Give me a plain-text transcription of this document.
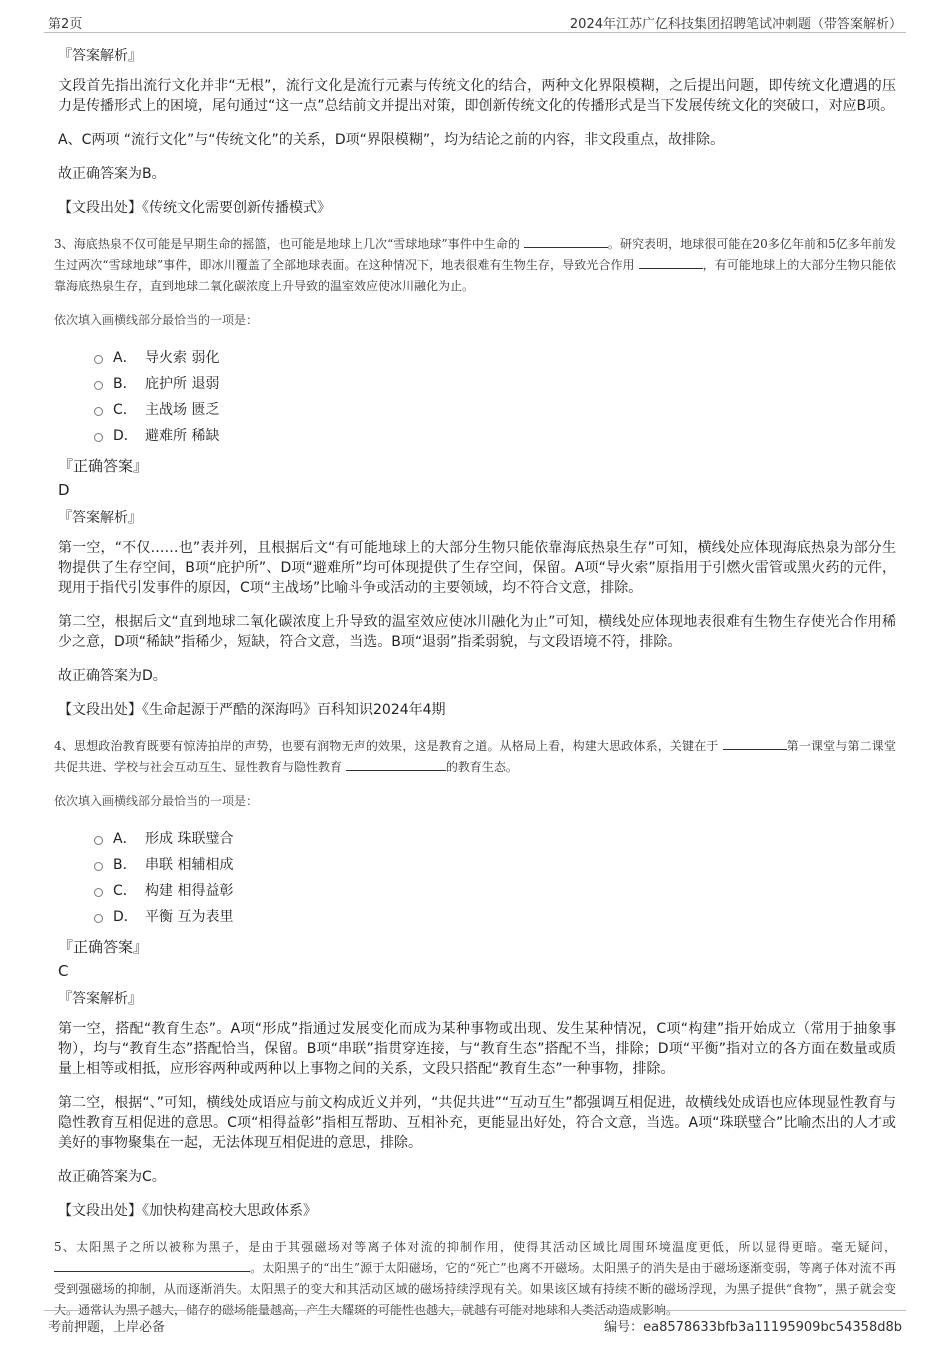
第2页	2024年江苏广亿科技集团招聘笔试冲刺题（带答案解析）
『答案解析』

文段首先指出流行文化并非“无根”，流行文化是流行元素与传统文化的结合，两种文化界限模糊，之后提出问题，即传统文化遭遇的压力是传播形式上的困境，尾句通过“这一点”总结前文并提出对策，即创新传统文化的传播形式是当下发展传统文化的突破口，对应B项。

A、C两项 “流行文化”与“传统文化”的关系，D项“界限模糊”，均为结论之前的内容，非文段重点，故排除。

故正确答案为B。

【文段出处】《传统文化需要创新传播模式》

3、海底热泉不仅可能是早期生命的摇篮，也可能是地球上几次“雪球地球”事件中生命的	。研究表明，地球很可能在20多亿年前和5亿多年前发生过两次“雪球地球”事件，即冰川覆盖了全部地球表面。在这种情况下，地表很难有生物生存，导致光合作用	，有可能地球上的大部分生物只能依靠海底热泉生存，直到地球二氧化碳浓度上升导致的温室效应使冰川融化为止。

依次填入画横线部分最恰当的一项是：
A． 导火索 弱化
B． 庇护所 退弱
C． 主战场 匮乏
D． 避难所 稀缺
『正确答案』
D
『答案解析』

第一空，“不仅……也”表并列，且根据后文“有可能地球上的大部分生物只能依靠海底热泉生存”可知，横线处应体现海底热泉为部分生物提供了生存空间，B项“庇护所”、D项“避难所”均可体现提供了生存空间，保留。A项“导火索”原指用于引燃火雷管或黑火药的元件，现用于指代引发事件的原因，C项“主战场”比喻斗争或活动的主要领域，均不符合文意，排除。

第二空，根据后文“直到地球二氧化碳浓度上升导致的温室效应使冰川融化为止”可知，横线处应体现地表很难有生物生存使光合作用稀少之意，D项“稀缺”指稀少，短缺，符合文意，当选。B项“退弱”指柔弱貌，与文段语境不符，排除。

故正确答案为D。

【文段出处】《生命起源于严酷的深海吗》百科知识2024年4期

4、思想政治教育既要有惊涛拍岸的声势，也要有润物无声的效果，这是教育之道。从格局上看，构建大思政体系，关键在于	第一课堂与第二课堂共促共进、学校与社会互动互生、显性教育与隐性教育	的教育生态。

依次填入画横线部分最恰当的一项是：
A． 形成 珠联璧合
B． 串联 相辅相成
C． 构建 相得益彰
D． 平衡 互为表里
『正确答案』
C
『答案解析』

第一空，搭配“教育生态”。A项“形成”指通过发展变化而成为某种事物或出现、发生某种情况，C项“构建”指开始成立（常用于抽象事物），均与“教育生态”搭配恰当，保留。B项“串联”指贯穿连接，与“教育生态”搭配不当，排除；D项“平衡”指对立的各方面在数量或质量上相等或相抵，应形容两种或两种以上事物之间的关系，文段只搭配“教育生态”一种事物，排除。

第二空，根据“、”可知，横线处成语应与前文构成近义并列，“共促共进”“互动互生”都强调互相促进，故横线处成语也应体现显性教育与隐性教育互相促进的意思。C项“相得益彰”指相互帮助、互相补充，更能显出好处，符合文意，当选。A项“珠联璧合”比喻杰出的人才或美好的事物聚集在一起，无法体现互相促进的意思，排除。

故正确答案为C。

【文段出处】《加快构建高校大思政体系》

5、太阳黑子之所以被称为黑子，是由于其强磁场对等离子体对流的抑制作用，使得其活动区域比周围环境温度更低，所以显得更暗。毫无疑问，。太阳黑子的“出生”源于太阳磁场，它的“死亡”也离不开磁场。太阳黑子的消失是由于磁场逐渐变弱，等离子体对流不再受到强磁场的抑制，从而逐渐消失。太阳黑子的变大和其活动区域的磁场持续浮现有关。如果该区域有持续不断的磁场浮现，为黑子提供“食物”，黑子就会变大。通常认为黑子越大，储存的磁场能量越高，产生大耀斑的可能性也越大，就越有可能对地球和人类活动造成影响。

考前押题，上岸必备	编号：ea8578633bfb3a11195909bc54358d8b
